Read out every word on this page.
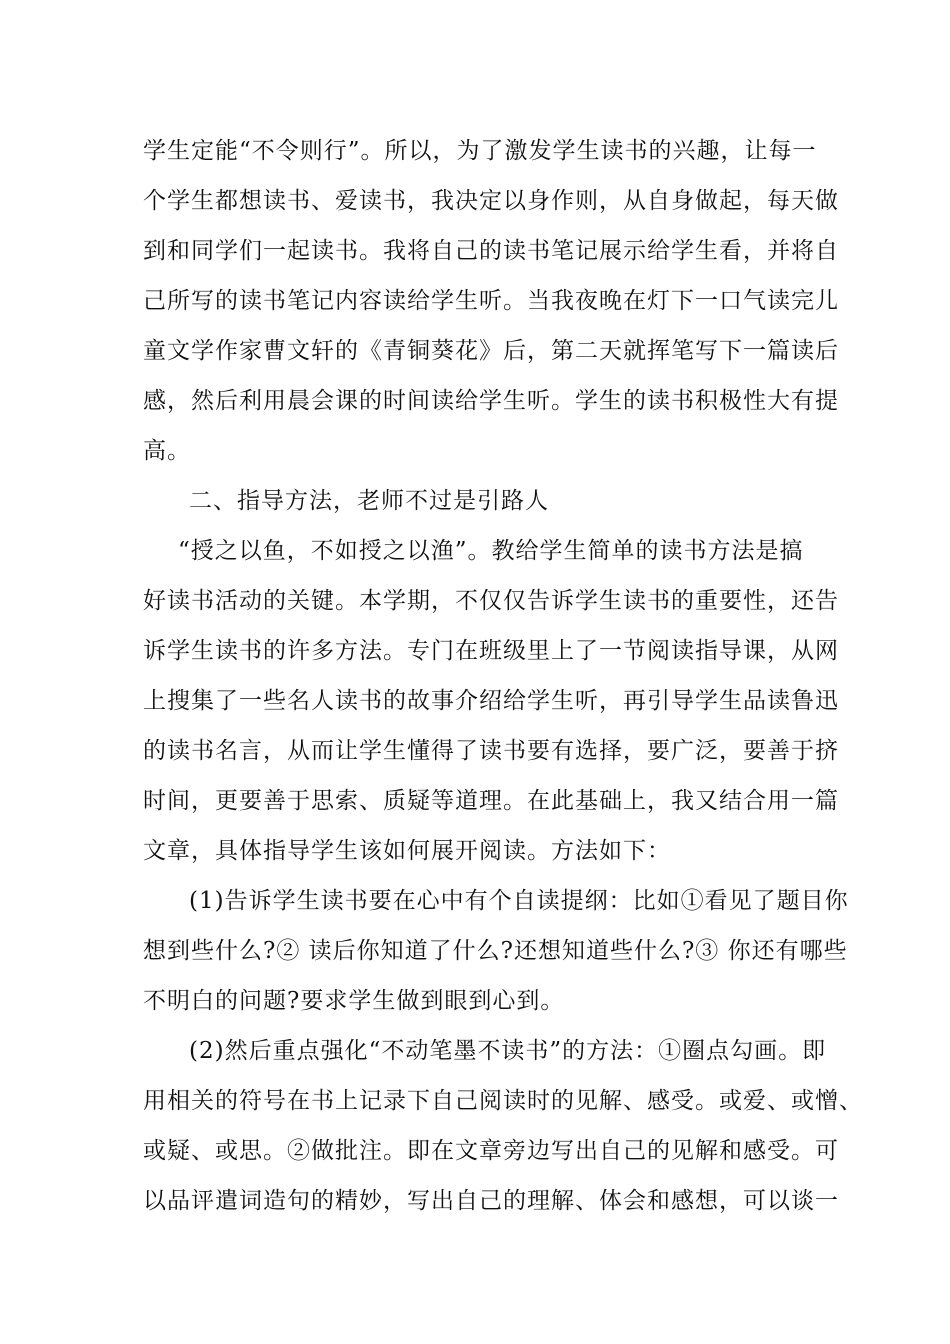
学生定能“不令则行”。所以，为了激发学生读书的兴趣，让每一

个学生都想读书、爱读书，我决定以身作则，从自身做起，每天做

到和同学们一起读书。我将自己的读书笔记展示给学生看，并将自

己所写的读书笔记内容读给学生听。当我夜晚在灯下一口气读完儿

童文学作家曹文轩的《青铜葵花》后，第二天就挥笔写下一篇读后

感，然后利用晨会课的时间读给学生听。学生的读书积极性大有提

高。

二、指导方法，老师不过是引路人

“授之以鱼，不如授之以渔”。教给学生简单的读书方法是搞

好读书活动的关键。本学期，不仅仅告诉学生读书的重要性，还告

诉学生读书的许多方法。专门在班级里上了一节阅读指导课，从网

上搜集了一些名人读书的故事介绍给学生听，再引导学生品读鲁迅

的读书名言，从而让学生懂得了读书要有选择，要广泛，要善于挤

时间，更要善于思索、质疑等道理。在此基础上，我又结合用一篇

文章，具体指导学生该如何展开阅读。方法如下：

(1)告诉学生读书要在心中有个自读提纲：比如①看见了题目你

想到些什么?② 读后你知道了什么?还想知道些什么?③ 你还有哪些

不明白的问题?要求学生做到眼到心到。

(2)然后重点强化“不动笔墨不读书”的方法：①圈点勾画。即

用相关的符号在书上记录下自己阅读时的见解、感受。或爱、或憎、

或疑、或思。②做批注。即在文章旁边写出自己的见解和感受。可

以品评遣词造句的精妙，写出自己的理解、体会和感想，可以谈一
